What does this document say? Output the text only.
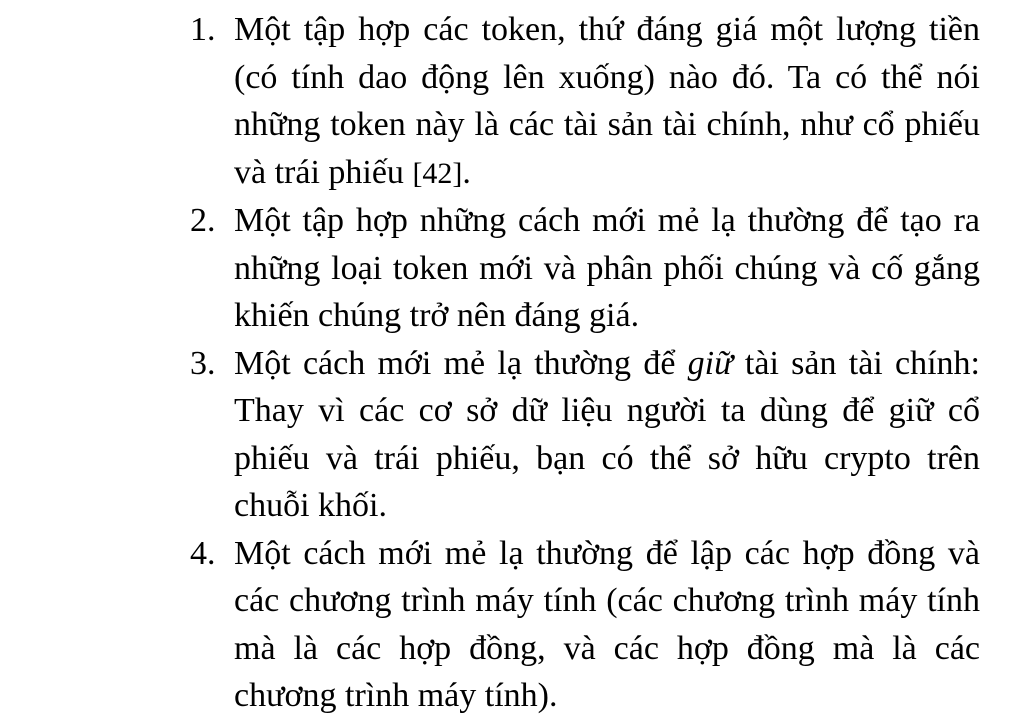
1. Một tập hợp các token, thứ đáng giá một lượng tiền (có tính dao động lên xuống) nào đó. Ta có thể nói những token này là các tài sản tài chính, như cổ phiếu và trái phiếu [42].
2. Một tập hợp những cách mới mẻ lạ thường để tạo ra những loại token mới và phân phối chúng và cố gắng khiến chúng trở nên đáng giá.
3. Một cách mới mẻ lạ thường để giữ tài sản tài chính: Thay vì các cơ sở dữ liệu người ta dùng để giữ cổ phiếu và trái phiếu, bạn có thể sở hữu crypto trên chuỗi khối.
4. Một cách mới mẻ lạ thường để lập các hợp đồng và các chương trình máy tính (các chương trình máy tính mà là các hợp đồng, và các hợp đồng mà là các chương trình máy tính).
